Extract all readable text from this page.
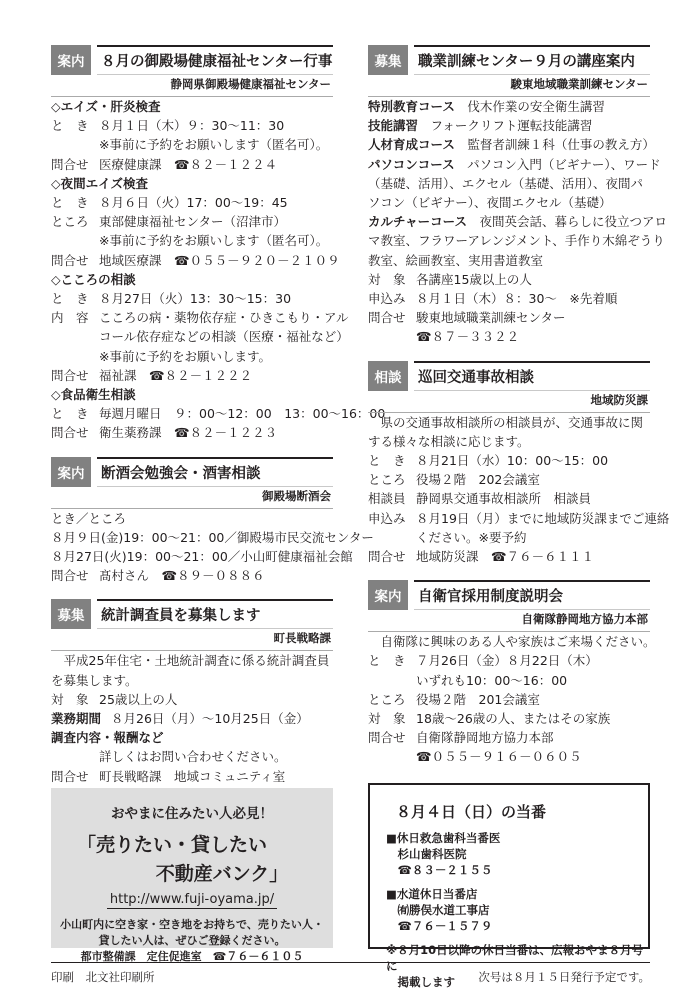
案内	８月の御殿場健康福祉センター行事
静岡県御殿場健康福祉センター
◇エイズ・肝炎検査
と　き ８月１日（木）９：30～11：30
※事前に予約をお願いします（匿名可）。
問合せ 医療健康課　☎８２－１２２４
◇夜間エイズ検査
と　き ８月６日（火）17：00～19：45
ところ 東部健康福祉センター（沼津市）
※事前に予約をお願いします（匿名可）。
問合せ 地域医療課　☎０５５－９２０－２１０９
◇こころの相談
と　き ８月27日（火）13：30～15：30
内　容 こころの病・薬物依存症・ひきこもり・アル
コール依存症などの相談（医療・福祉など）
※事前に予約をお願いします。
問合せ 福祉課　☎８２－１２２２
◇食品衛生相談
と　き 毎週月曜日　９：00～12：00　13：00～16：00
問合せ 衛生薬務課　☎８２－１２２３
案内	断酒会勉強会・酒害相談
御殿場断酒会
とき／ところ
８月９日(金)19：00～21：00／御殿場市民交流センター
８月27日(火)19：00～21：00／小山町健康福祉会館
問合せ 髙村さん　☎８９－０８８６
募集	統計調査員を募集します
町長戦略課
　平成25年住宅・土地統計調査に係る統計調査員を募集します。
対　象 25歳以上の人
業務期間 ８月26日（月）～10月25日（金）
調査内容・報酬など
詳しくはお問い合わせください。
問合せ 町長戦略課　地域コミュニティ室
募集	職業訓練センター９月の講座案内
駿東地域職業訓練センター
特別教育コース　 伐木作業の安全衛生講習
技能講習　 フォークリフト運転技能講習
人材育成コース　 監督者訓練１科（仕事の教え方）
パソコンコース　 パソコン入門（ビギナー）、ワード
（基礎、活用）、エクセル（基礎、活用）、夜間パ
ソコン（ビギナー）、夜間エクセル（基礎）
カルチャーコース　 夜間英会話、暮らしに役立つアロ
マ教室、フラワーアレンジメント、手作り木綿ぞうり
教室、絵画教室、実用書道教室
対　象 各講座15歳以上の人
申込み ８月１日（木）８：30～　※先着順
問合せ 駿東地域職業訓練センター
☎８７－３３２２
相談	巡回交通事故相談
地域防災課
　県の交通事故相談所の相談員が、交通事故に関する様々な相談に応じます。
と　き ８月21日（水）10：00～15：00
ところ 役場２階　202会議室
相談員 静岡県交通事故相談所　相談員
申込み ８月19日（月）までに地域防災課までご連絡
ください。※要予約
問合せ 地域防災課　☎７６－６１１１
案内	自衛官採用制度説明会
自衛隊静岡地方協力本部
　自衛隊に興味のある人や家族はご来場ください。
と　き ７月26日（金）８月22日（木）
いずれも10：00～16：00
ところ 役場２階　201会議室
対　象 18歳～26歳の人、またはその家族
問合せ 自衛隊静岡地方協力本部
☎０５５－９１６－０６０５
おやまに住みたい人必見！
「売りたい・貸したい
不動産バンク」
http://www.fuji-oyama.jp/
小山町内に空き家・空き地をお持ちで、売りたい人・
貸したい人は、ぜひご登録ください。
都市整備課　定住促進室　☎７６－６１０５
８月４日（日）の当番
■休日救急歯科当番医
　杉山歯科医院
　☎８３－２１５５
■水道休日当番店
　㈲勝俣水道工事店
　☎７６－１５７９
※８月10日以降の休日当番は、広報おやま８月号に
　掲載します
印刷　北文社印刷所	次号は８月１５日発行予定です。
